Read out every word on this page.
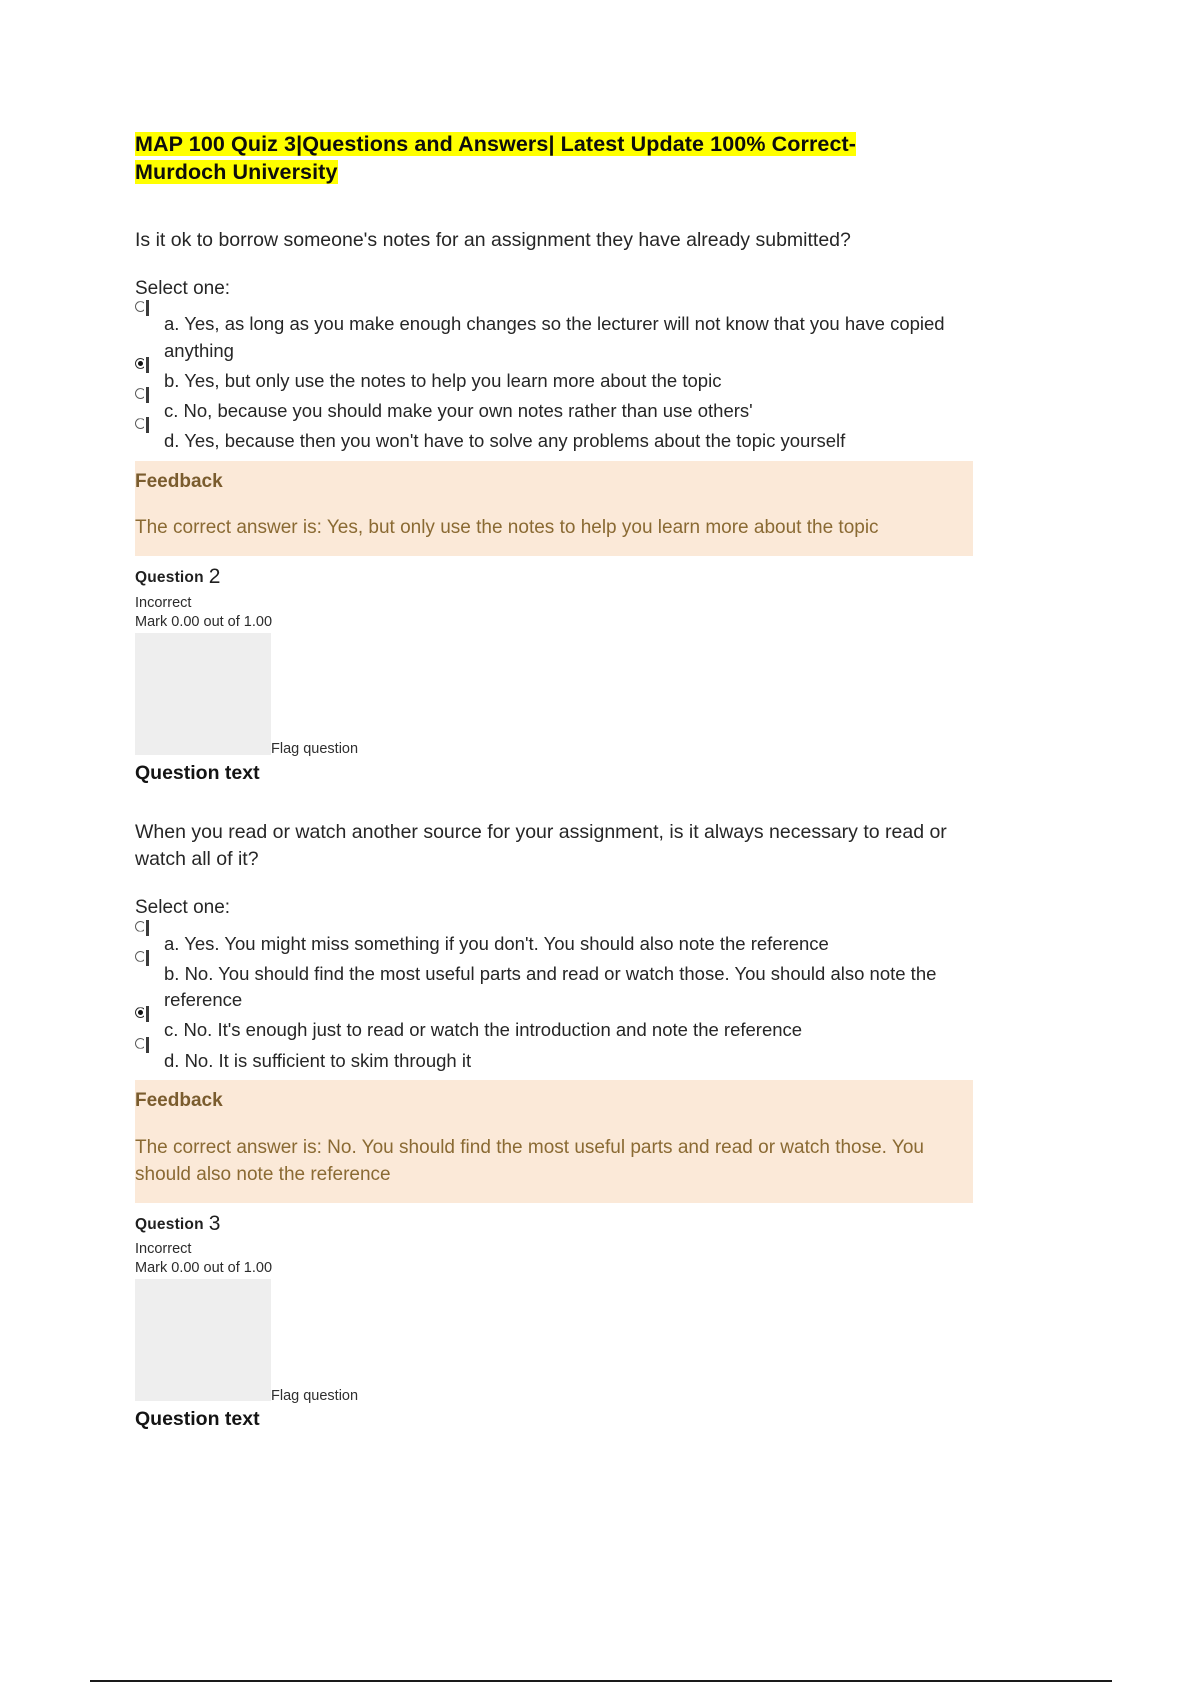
MAP 100 Quiz 3|Questions and Answers| Latest Update 100% Correct-
Murdoch University

Is it ok to borrow someone's notes for an assignment they have already submitted?

Select one:

a. Yes, as long as you make enough changes so the lecturer will not know that you have copied anything
b. Yes, but only use the notes to help you learn more about the topic
c. No, because you should make your own notes rather than use others'
d. Yes, because then you won't have to solve any problems about the topic yourself

Feedback

The correct answer is: Yes, but only use the notes to help you learn more about the topic

Question 2

Incorrect

Mark 0.00 out of 1.00

Flag question

Question text

When you read or watch another source for your assignment, is it always necessary to read or watch all of it?

Select one:

a. Yes. You might miss something if you don't. You should also note the reference
b. No. You should find the most useful parts and read or watch those. You should also note the reference
c. No. It's enough just to read or watch the introduction and note the reference
d. No. It is sufficient to skim through it

Feedback

The correct answer is: No. You should find the most useful parts and read or watch those. You should also note the reference

Question 3

Incorrect

Mark 0.00 out of 1.00

Flag question

Question text
